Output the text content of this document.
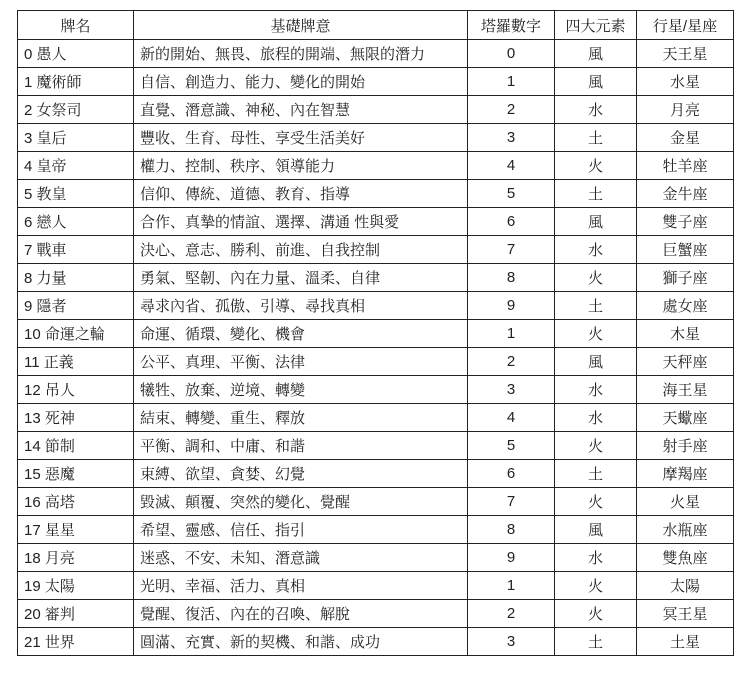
牌名	基礎牌意	塔羅數字	四大元素	行星/星座
0 愚人	新的開始、無畏、旅程的開端、無限的潛力	0	風	天王星
1 魔術師	自信、創造力、能力、變化的開始	1	風	水星
2 女祭司	直覺、潛意識、神秘、內在智慧	2	水	月亮
3 皇后	豐收、生育、母性、享受生活美好	3	土	金星
4 皇帝	權力、控制、秩序、領導能力	4	火	牡羊座
5 教皇	信仰、傳統、道德、教育、指導	5	土	金牛座
6 戀人	合作、真摯的情誼、選擇、溝通 性與愛	6	風	雙子座
7 戰車	決心、意志、勝利、前進、自我控制	7	水	巨蟹座
8 力量	勇氣、堅韌、內在力量、溫柔、自律	8	火	獅子座
9 隱者	尋求內省、孤傲、引導、尋找真相	9	土	處女座
10 命運之輪	命運、循環、變化、機會	1	火	木星
11 正義	公平、真理、平衡、法律	2	風	天秤座
12 吊人	犧牲、放棄、逆境、轉變	3	水	海王星
13 死神	結束、轉變、重生、釋放	4	水	天蠍座
14 節制	平衡、調和、中庸、和諧	5	火	射手座
15 惡魔	束縛、欲望、貪婪、幻覺	6	土	摩羯座
16 高塔	毀滅、顛覆、突然的變化、覺醒	7	火	火星
17 星星	希望、靈感、信任、指引	8	風	水瓶座
18 月亮	迷惑、不安、未知、潛意識	9	水	雙魚座
19 太陽	光明、幸福、活力、真相	1	火	太陽
20 審判	覺醒、復活、內在的召喚、解脫	2	火	冥王星
21 世界	圓滿、充實、新的契機、和諧、成功	3	土	土星
